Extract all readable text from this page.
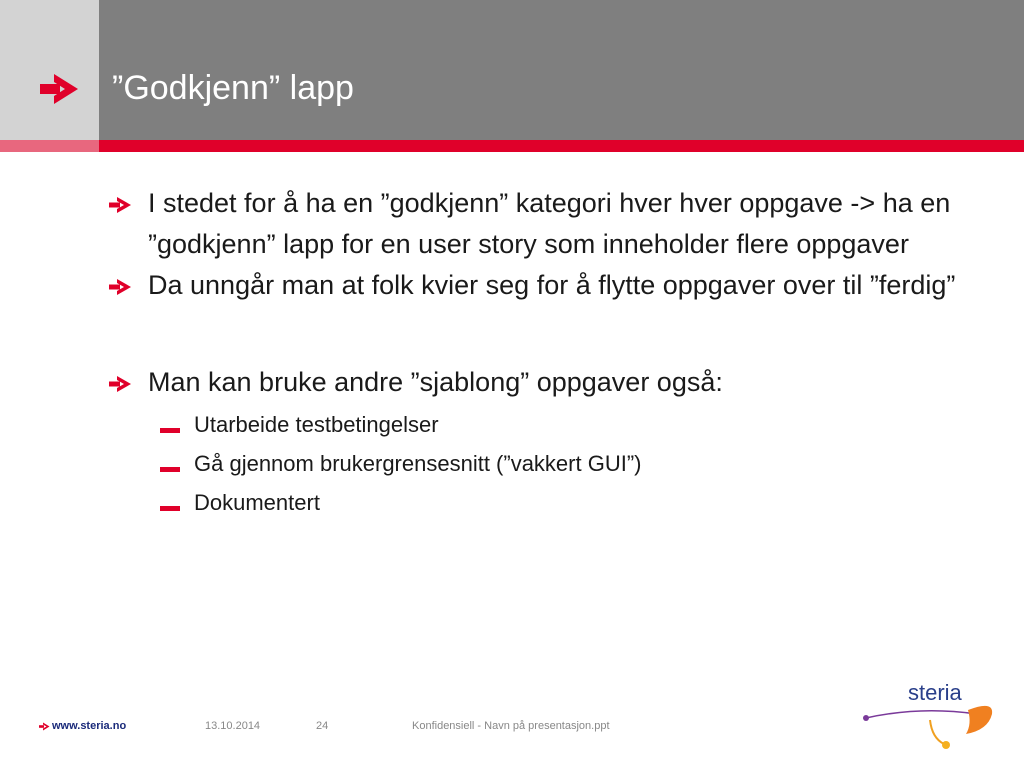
”Godkjenn” lapp
I stedet for å ha en ”godkjenn” kategori hver hver oppgave -> ha en ”godkjenn” lapp for en user story som inneholder flere oppgaver
Da unngår man at folk kvier seg for å flytte oppgaver over til ”ferdig”
Man kan bruke andre ”sjablong” oppgaver også:
Utarbeide testbetingelser
Gå gjennom brukergrensesnitt (”vakkert GUI”)
Dokumentert
www.steria.no	13.10.2014	24	Konfidensiell - Navn på presentasjon.ppt
steria
